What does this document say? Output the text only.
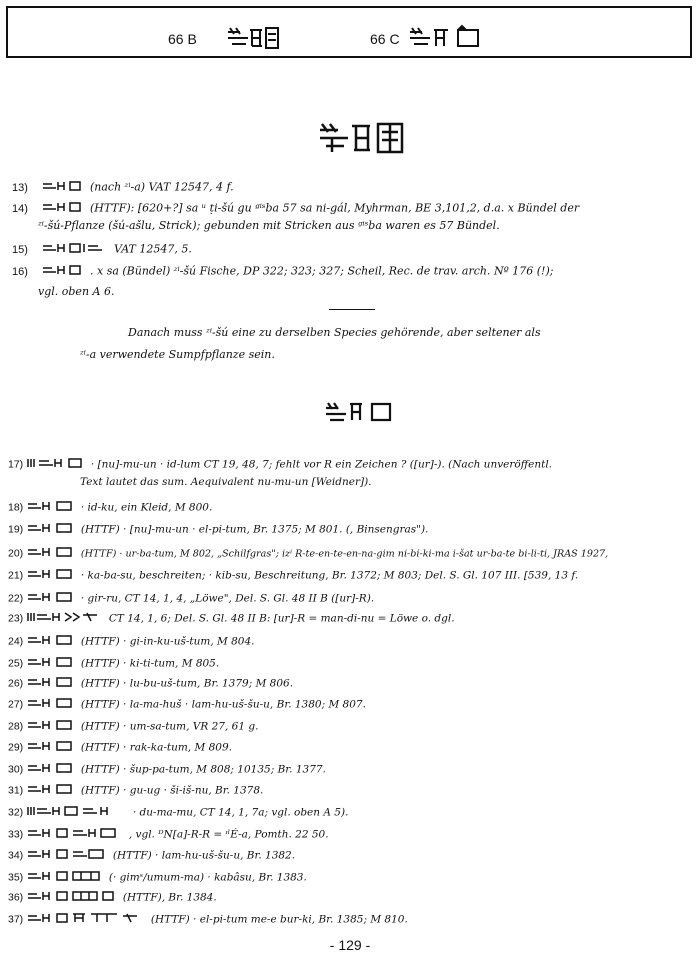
66 B	66 C
13)	(nach ᶻⁱ-a) VAT 12547, 4 f.
14)	(HTTF): [620+?] sa ᵘ ṭi-šú gu ᵍⁱˢba 57 sa ni-gál, Myhrman, BE 3,101,2, d.a. x Bündel der
ᶻⁱ-šú-Pflanze (šú-ašlu, Strick); gebunden mit Stricken aus ᵍⁱˢba waren es 57 Bündel.
15)	VAT 12547, 5.
16)	. x sa (Bündel) ᶻⁱ-šú Fische, DP 322; 323; 327; Scheil, Rec. de trav. arch. Nº 176 (!);
vgl. oben A 6.
Danach muss ᶻⁱ-šú eine zu derselben Species gehörende, aber seltener als
ᶻⁱ-a verwendete Sumpfpflanze sein.
17)	· [nu]-mu-un · id-lum CT 19, 48, 7; fehlt vor R ein Zeichen ? ([ur]-). (Nach unveröffentl.
Text lautet das sum. Aequivalent nu-mu-un [Weidner]).
18)	· id-ku, ein Kleid, M 800.
19)	(HTTF) · [nu]-mu-un · el-pi-tum, Br. 1375; M 801. (, Binsengras").
20)	(HTTF) · ur-ba-tum, M 802, „Schilfgras"; izⁱ R-te-en-te-en-na-gim ni-bi-ki-ma i-šat ur-ba-te bi-li-ti, JRAS 1927,
21)	· ka-ba-su, beschreiten; · kib-su, Beschreitung, Br. 1372; M 803; Del. S. Gl. 107 III. [539, 13 f.
22)	· gir-ru, CT 14, 1, 4, „Löwe", Del. S. Gl. 48 II B ([ur]-R).
23)	CT 14, 1, 6; Del. S. Gl. 48 II B: [ur]-R = man-di-nu = Löwe o. dgl.
24)	(HTTF) · gi-in-ku-uš-tum, M 804.
25)	(HTTF) · ki-ti-tum, M 805.
26)	(HTTF) · lu-bu-uš-tum, Br. 1379; M 806.
27)	(HTTF) · la-ma-huš · lam-hu-uš-šu-u, Br. 1380; M 807.
28)	(HTTF) · um-sa-tum, VR 27, 61 g.
29)	(HTTF) · rak-ka-tum, M 809.
30)	(HTTF) · šup-pa-tum, M 808; 10135; Br. 1377.
31)	(HTTF) · gu-ug · ši-iš-nu, Br. 1378.
32)	· du-ma-mu, CT 14, 1, 7a; vgl. oben A 5).
33)	, vgl. ᴰN[a]-R-R = ᶦˡÉ-a, Pomth. 22 50.
34)	(HTTF) · lam-hu-uš-šu-u, Br. 1382.
35)	(· gimˢ/umum-ma) · kabâsu, Br. 1383.
36)	(HTTF), Br. 1384.
37)	(HTTF) · el-pi-tum me-e bur-ki, Br. 1385; M 810.
- 129 -
